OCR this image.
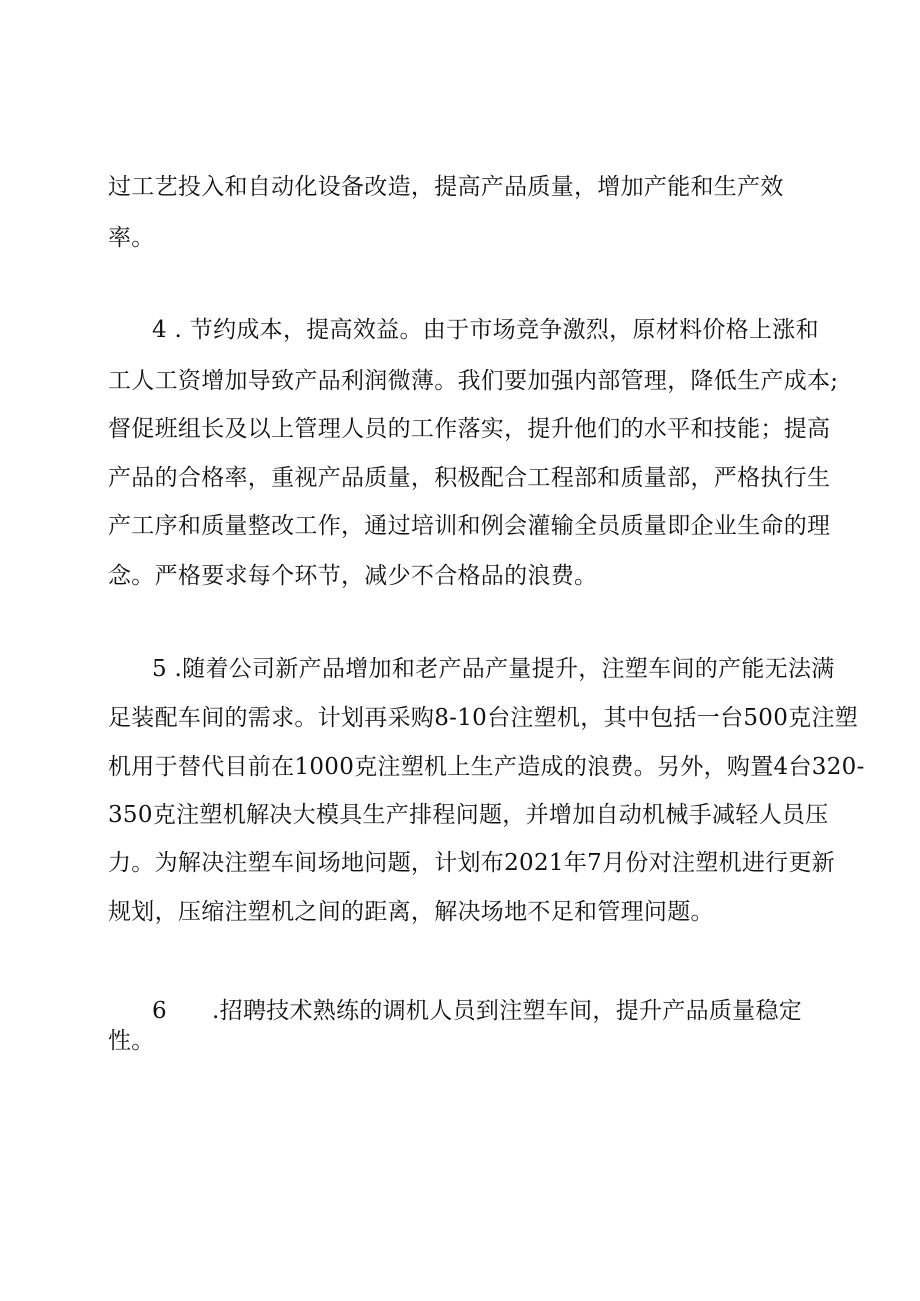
过工艺投入和自动化设备改造，提高产品质量，增加产能和生产效
率。
4 . 节约成本，提高效益。由于市场竞争激烈，原材料价格上涨和
工人工资增加导致产品利润微薄。我们要加强内部管理，降低生产成本;
督促班组长及以上管理人员的工作落实，提升他们的水平和技能；提高
产品的合格率，重视产品质量，积极配合工程部和质量部，严格执行生
产工序和质量整改工作，通过培训和例会灌输全员质量即企业生命的理
念。严格要求每个环节，减少不合格品的浪费。
5 .随着公司新产品增加和老产品产量提升，注塑车间的产能无法满
足装配车间的需求。计划再采购8-10台注塑机，其中包括一台500克注塑
机用于替代目前在1000克注塑机上生产造成的浪费。另外，购置4台320-
350克注塑机解决大模具生产排程问题，并增加自动机械手减轻人员压
力。为解决注塑车间场地问题，计划布2021年7月份对注塑机进行更新
规划，压缩注塑机之间的距离，解决场地不足和管理问题。
6 .招聘技术熟练的调机人员到注塑车间，提升产品质量稳定
性。
